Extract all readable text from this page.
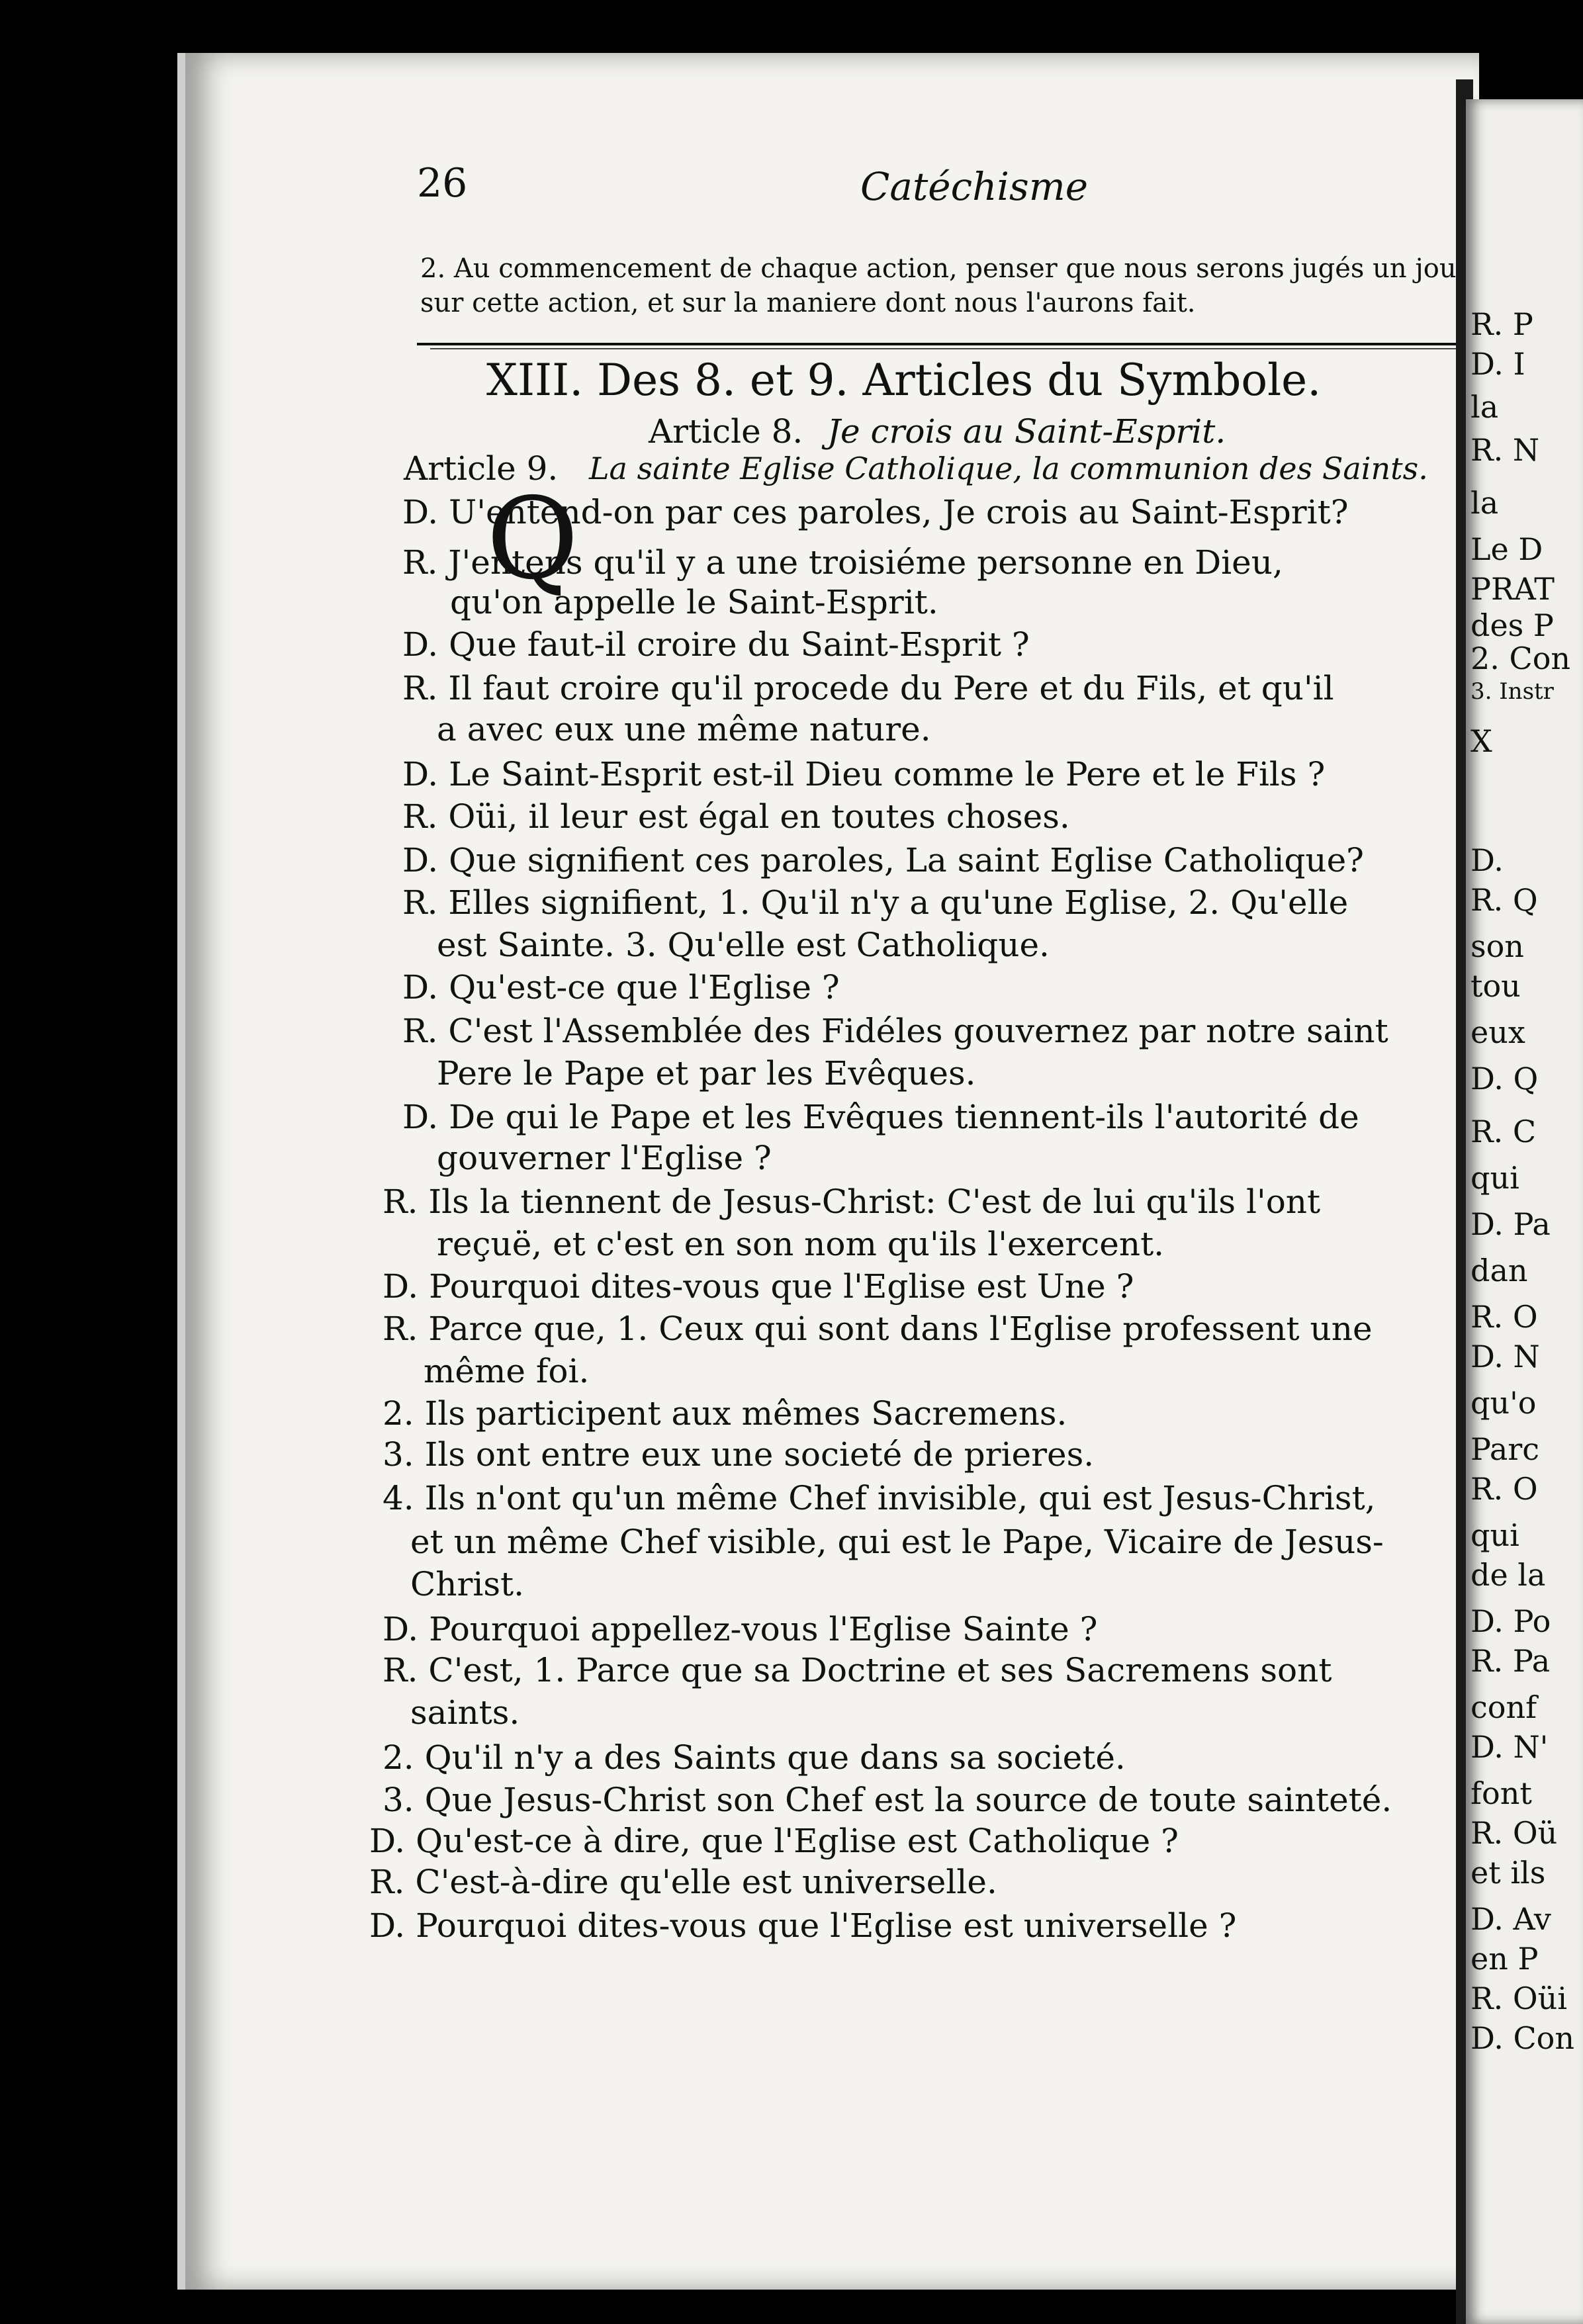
26	Catéchisme
2. Au commencement de chaque action, penser que nous serons jugés un jou
sur cette action, et sur la maniere dont nous l'aurons fait.
XIII. Des 8. et 9. Articles du Symbole.
Article 8. Je crois au Saint-Esprit.
Article 9. La sainte Eglise Catholique, la communion des Saints.
Q
D. U'entend-on par ces paroles, Je crois au Saint-Esprit?
R. J'entens qu'il y a une troisiéme personne en Dieu,
qu'on appelle le Saint-Esprit.
D. Que faut-il croire du Saint-Esprit ?
R. Il faut croire qu'il procede du Pere et du Fils, et qu'il
a avec eux une même nature.
D. Le Saint-Esprit est-il Dieu comme le Pere et le Fils ?
R. Oüi, il leur est égal en toutes choses.
D. Que signifient ces paroles, La saint Eglise Catholique?
R. Elles signifient, 1. Qu'il n'y a qu'une Eglise, 2. Qu'elle
est Sainte. 3. Qu'elle est Catholique.
D. Qu'est-ce que l'Eglise ?
R. C'est l'Assemblée des Fidéles gouvernez par notre saint
Pere le Pape et par les Evêques.
D. De qui le Pape et les Evêques tiennent-ils l'autorité de
gouverner l'Eglise ?
R. Ils la tiennent de Jesus-Christ: C'est de lui qu'ils l'ont
reçuë, et c'est en son nom qu'ils l'exercent.
D. Pourquoi dites-vous que l'Eglise est Une ?
R. Parce que, 1. Ceux qui sont dans l'Eglise professent une
même foi.
2. Ils participent aux mêmes Sacremens.
3. Ils ont entre eux une societé de prieres.
4. Ils n'ont qu'un même Chef invisible, qui est Jesus-Christ,
et un même Chef visible, qui est le Pape, Vicaire de Jesus-
Christ.
D. Pourquoi appellez-vous l'Eglise Sainte ?
R. C'est, 1. Parce que sa Doctrine et ses Sacremens sont
saints.
2. Qu'il n'y a des Saints que dans sa societé.
3. Que Jesus-Christ son Chef est la source de toute sainteté.
D. Qu'est-ce à dire, que l'Eglise est Catholique ?
R. C'est-à-dire qu'elle est universelle.
D. Pourquoi dites-vous que l'Eglise est universelle ?
R. P
D. I
la
R. N
la
Le D
PRAT
des P
2. Con
3. Instr
X
D.
R. Q
son
tou
eux
D. Q
R. C
qui
D. Pa
dan
R. O
D. N
qu'o
Parc
R. O
qui
de la
D. Po
R. Pa
conf
D. N'
font
R. Oü
et ils
D. Av
en P
R. Oüi
D. Con
